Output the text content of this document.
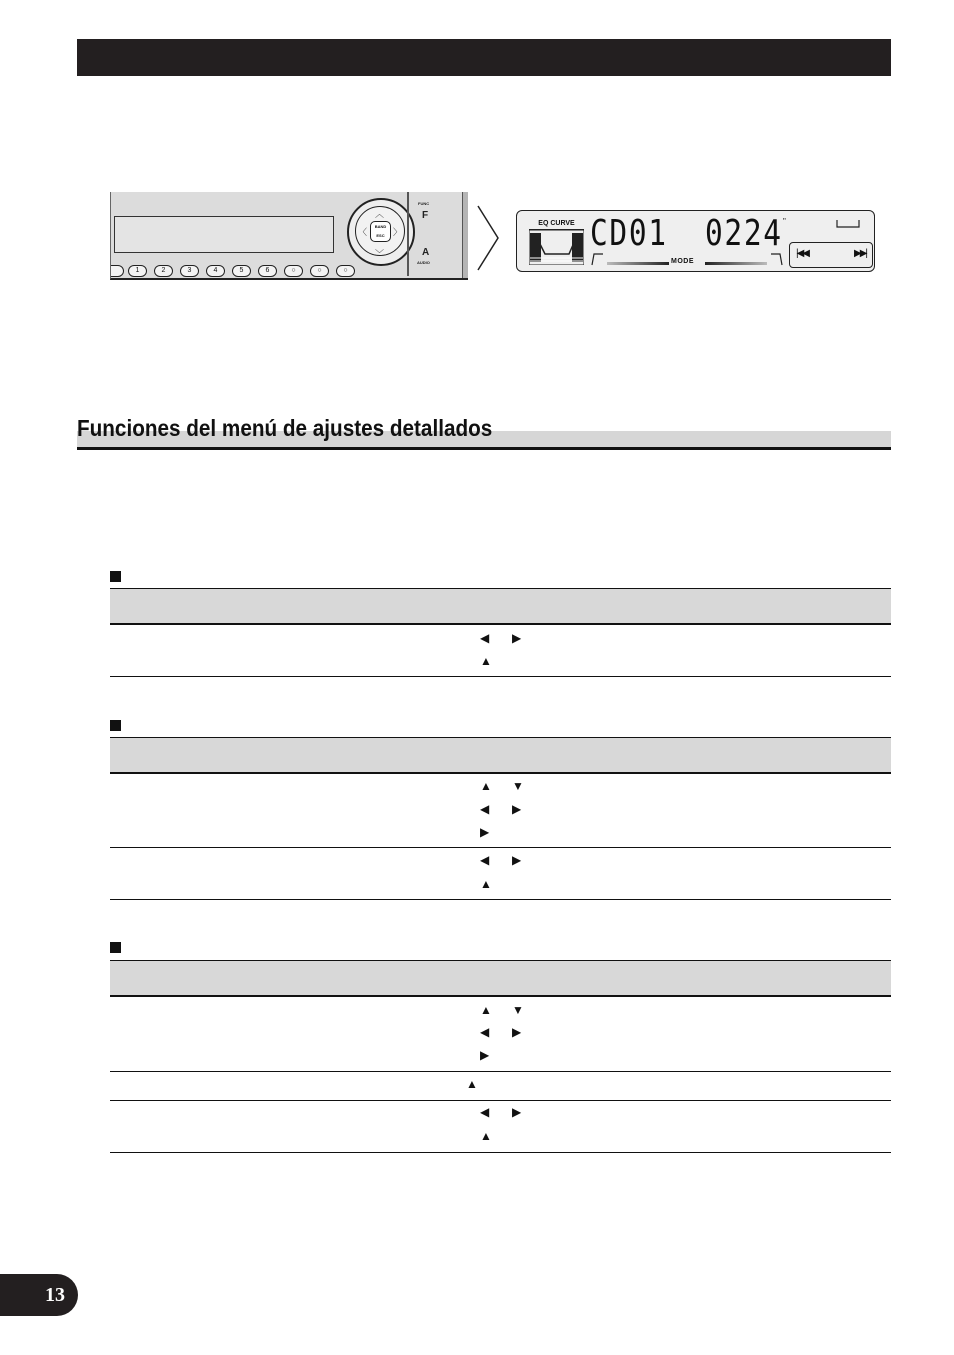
︿
﹀
〈	〉
BAND ESC
FUNC
F
A
AUDIO
1	2	3	4	5	6	○	○	○
EQ CURVE CD01 0224 "
MODE
|◀◀	▶▶|
Funciones del menú de ajustes detallados
◀ ▶
▲
▲ ▼
◀ ▶
▶
◀ ▶
▲
▲ ▼
◀ ▶
▶
▲
◀ ▶
▲
13
